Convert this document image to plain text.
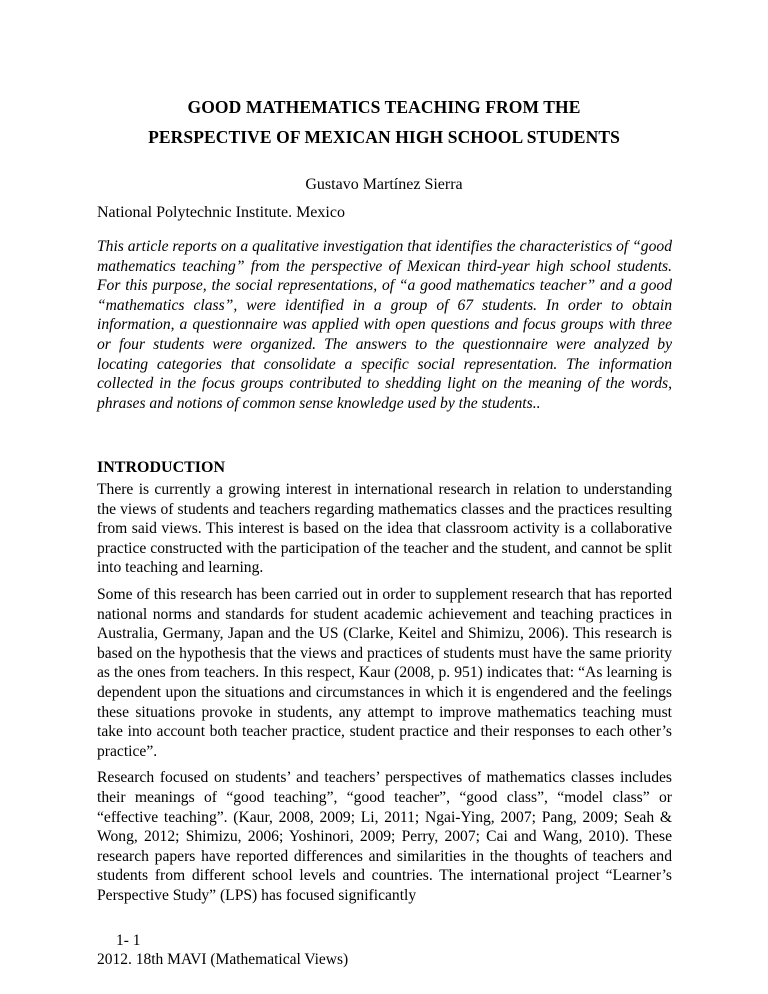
GOOD MATHEMATICS TEACHING FROM THE
PERSPECTIVE OF MEXICAN HIGH SCHOOL STUDENTS
Gustavo Martínez Sierra
National Polytechnic Institute. Mexico

This article reports on a qualitative investigation that identifies the characteristics of “good mathematics teaching” from the perspective of Mexican third-year high school students. For this purpose, the social representations, of “a good mathematics teacher” and a good “mathematics class”, were identified in a group of 67 students. In order to obtain information, a questionnaire was applied with open questions and focus groups with three or four students were organized. The answers to the questionnaire were analyzed by locating categories that consolidate a specific social representation. The information collected in the focus groups contributed to shedding light on the meaning of the words, phrases and notions of common sense knowledge used by the students..

INTRODUCTION

There is currently a growing interest in international research in relation to understanding the views of students and teachers regarding mathematics classes and the practices resulting from said views. This interest is based on the idea that classroom activity is a collaborative practice constructed with the participation of the teacher and the student, and cannot be split into teaching and learning.

Some of this research has been carried out in order to supplement research that has reported national norms and standards for student academic achievement and teaching practices in Australia, Germany, Japan and the US (Clarke, Keitel and Shimizu, 2006). This research is based on the hypothesis that the views and practices of students must have the same priority as the ones from teachers. In this respect, Kaur (2008, p. 951) indicates that: “As learning is dependent upon the situations and circumstances in which it is engendered and the feelings these situations provoke in students, any attempt to improve mathematics teaching must take into account both teacher practice, student practice and their responses to each other’s practice”.

Research focused on students’ and teachers’ perspectives of mathematics classes includes their meanings of “good teaching”, “good teacher”, “good class”, “model class” or “effective teaching”. (Kaur, 2008, 2009; Li, 2011; Ngai-Ying, 2007; Pang, 2009; Seah & Wong, 2012; Shimizu, 2006; Yoshinori, 2009; Perry, 2007; Cai and Wang, 2010). These research papers have reported differences and similarities in the thoughts of teachers and students from different school levels and countries. The international project “Learner’s Perspective Study” (LPS) has focused significantly

1- 1
2012. 18th MAVI (Mathematical Views)
